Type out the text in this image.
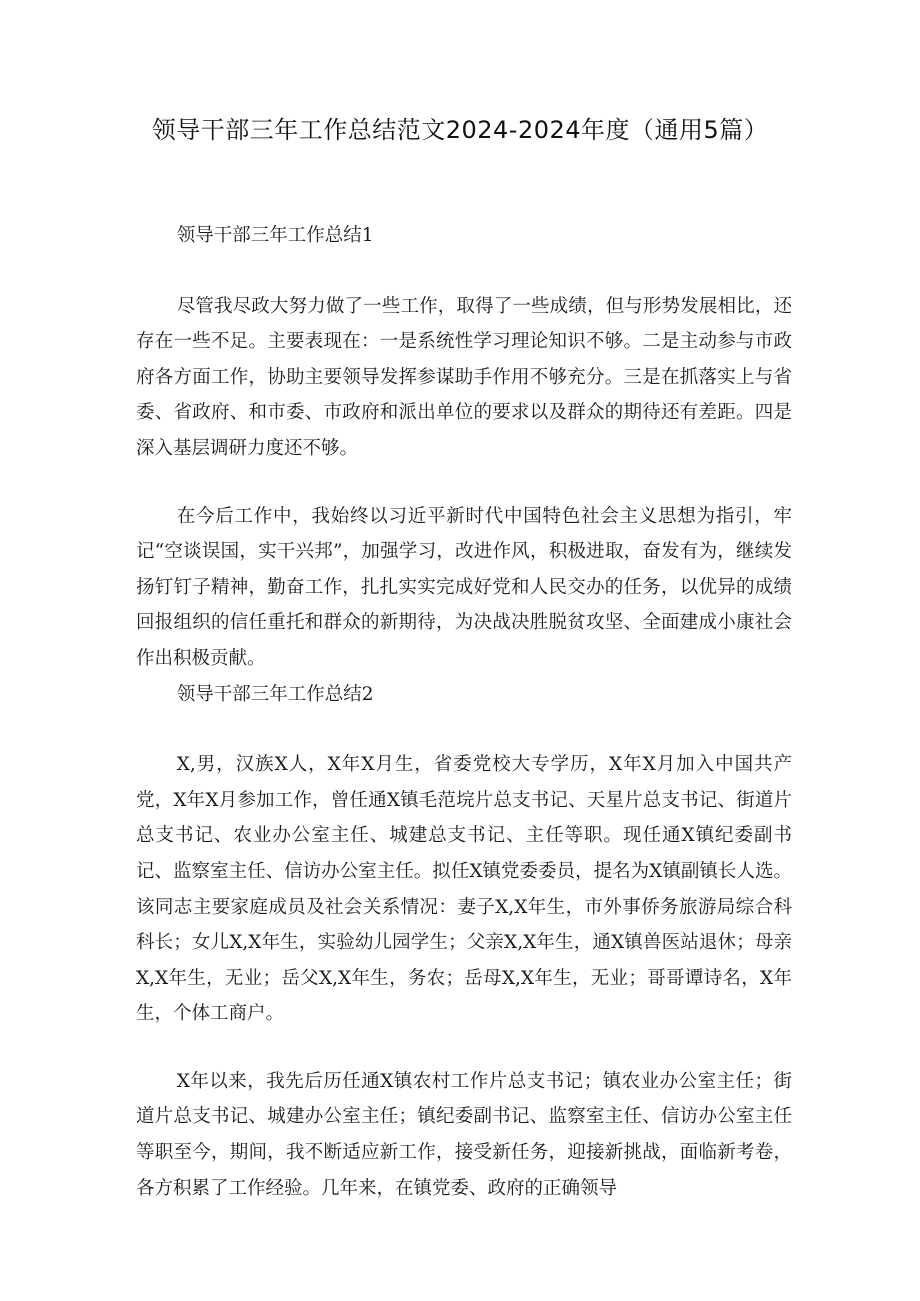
领导干部三年工作总结范文2024-2024年度（通用5篇）

领导干部三年工作总结1

尽管我尽政大努力做了一些工作，取得了一些成绩，但与形势发展相比，还存在一些不足。主要表现在：一是系统性学习理论知识不够。二是主动参与市政府各方面工作，协助主要领导发挥参谋助手作用不够充分。三是在抓落实上与省委、省政府、和市委、市政府和派出单位的要求以及群众的期待还有差距。四是深入基层调研力度还不够。

在今后工作中，我始终以习近平新时代中国特色社会主义思想为指引，牢记“空谈误国，实干兴邦”，加强学习，改进作风，积极进取，奋发有为，继续发扬钉钉子精神，勤奋工作，扎扎实实完成好党和人民交办的任务，以优异的成绩回报组织的信任重托和群众的新期待，为决战决胜脱贫攻坚、全面建成小康社会作出积极贡献。

领导干部三年工作总结2

X,男，汉族X人，X年X月生，省委党校大专学历，X年X月加入中国共产党，X年X月参加工作，曾任通X镇毛范垸片总支书记、天星片总支书记、街道片总支书记、农业办公室主任、城建总支书记、主任等职。现任通X镇纪委副书记、监察室主任、信访办公室主任。拟任X镇党委委员，提名为X镇副镇长人选。该同志主要家庭成员及社会关系情况：妻子X,X年生，市外事侨务旅游局综合科科长；女儿X,X年生，实验幼儿园学生；父亲X,X年生，通X镇兽医站退休；母亲X,X年生，无业；岳父X,X年生，务农；岳母X,X年生，无业；哥哥谭诗名，X年生，个体工商户。

X年以来，我先后历任通X镇农村工作片总支书记；镇农业办公室主任；街道片总支书记、城建办公室主任；镇纪委副书记、监察室主任、信访办公室主任等职至今，期间，我不断适应新工作，接受新任务，迎接新挑战，面临新考卷，各方积累了工作经验。几年来，在镇党委、政府的正确领导
